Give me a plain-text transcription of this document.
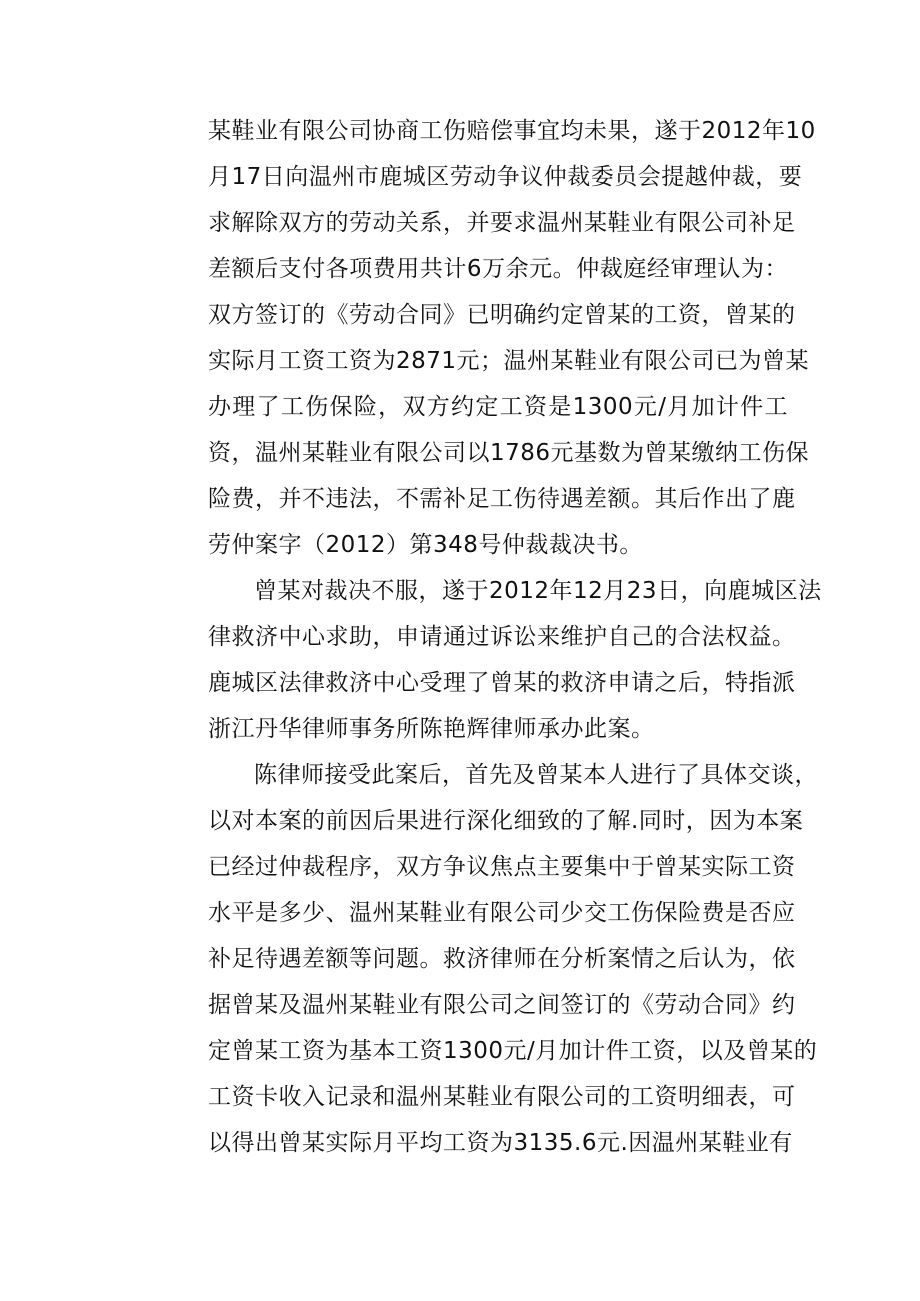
某鞋业有限公司协商工伤赔偿事宜均未果，遂于2012年10
月17日向温州市鹿城区劳动争议仲裁委员会提越仲裁，要
求解除双方的劳动关系，并要求温州某鞋业有限公司补足
差额后支付各项费用共计6万余元。仲裁庭经审理认为：
双方签订的《劳动合同》已明确约定曾某的工资，曾某的
实际月工资工资为2871元；温州某鞋业有限公司已为曾某
办理了工伤保险，双方约定工资是1300元/月加计件工
资，温州某鞋业有限公司以1786元基数为曾某缴纳工伤保
险费，并不违法，不需补足工伤待遇差额。其后作出了鹿
劳仲案字（2012）第348号仲裁裁决书。
曾某对裁决不服，遂于2012年12月23日，向鹿城区法
律救济中心求助，申请通过诉讼来维护自己的合法权益。
鹿城区法律救济中心受理了曾某的救济申请之后，特指派
浙江丹华律师事务所陈艳辉律师承办此案。
陈律师接受此案后，首先及曾某本人进行了具体交谈，
以对本案的前因后果进行深化细致的了解.同时，因为本案
已经过仲裁程序，双方争议焦点主要集中于曾某实际工资
水平是多少、温州某鞋业有限公司少交工伤保险费是否应
补足待遇差额等问题。救济律师在分析案情之后认为，依
据曾某及温州某鞋业有限公司之间签订的《劳动合同》约
定曾某工资为基本工资1300元/月加计件工资，以及曾某的
工资卡收入记录和温州某鞋业有限公司的工资明细表，可
以得出曾某实际月平均工资为3135.6元.因温州某鞋业有
